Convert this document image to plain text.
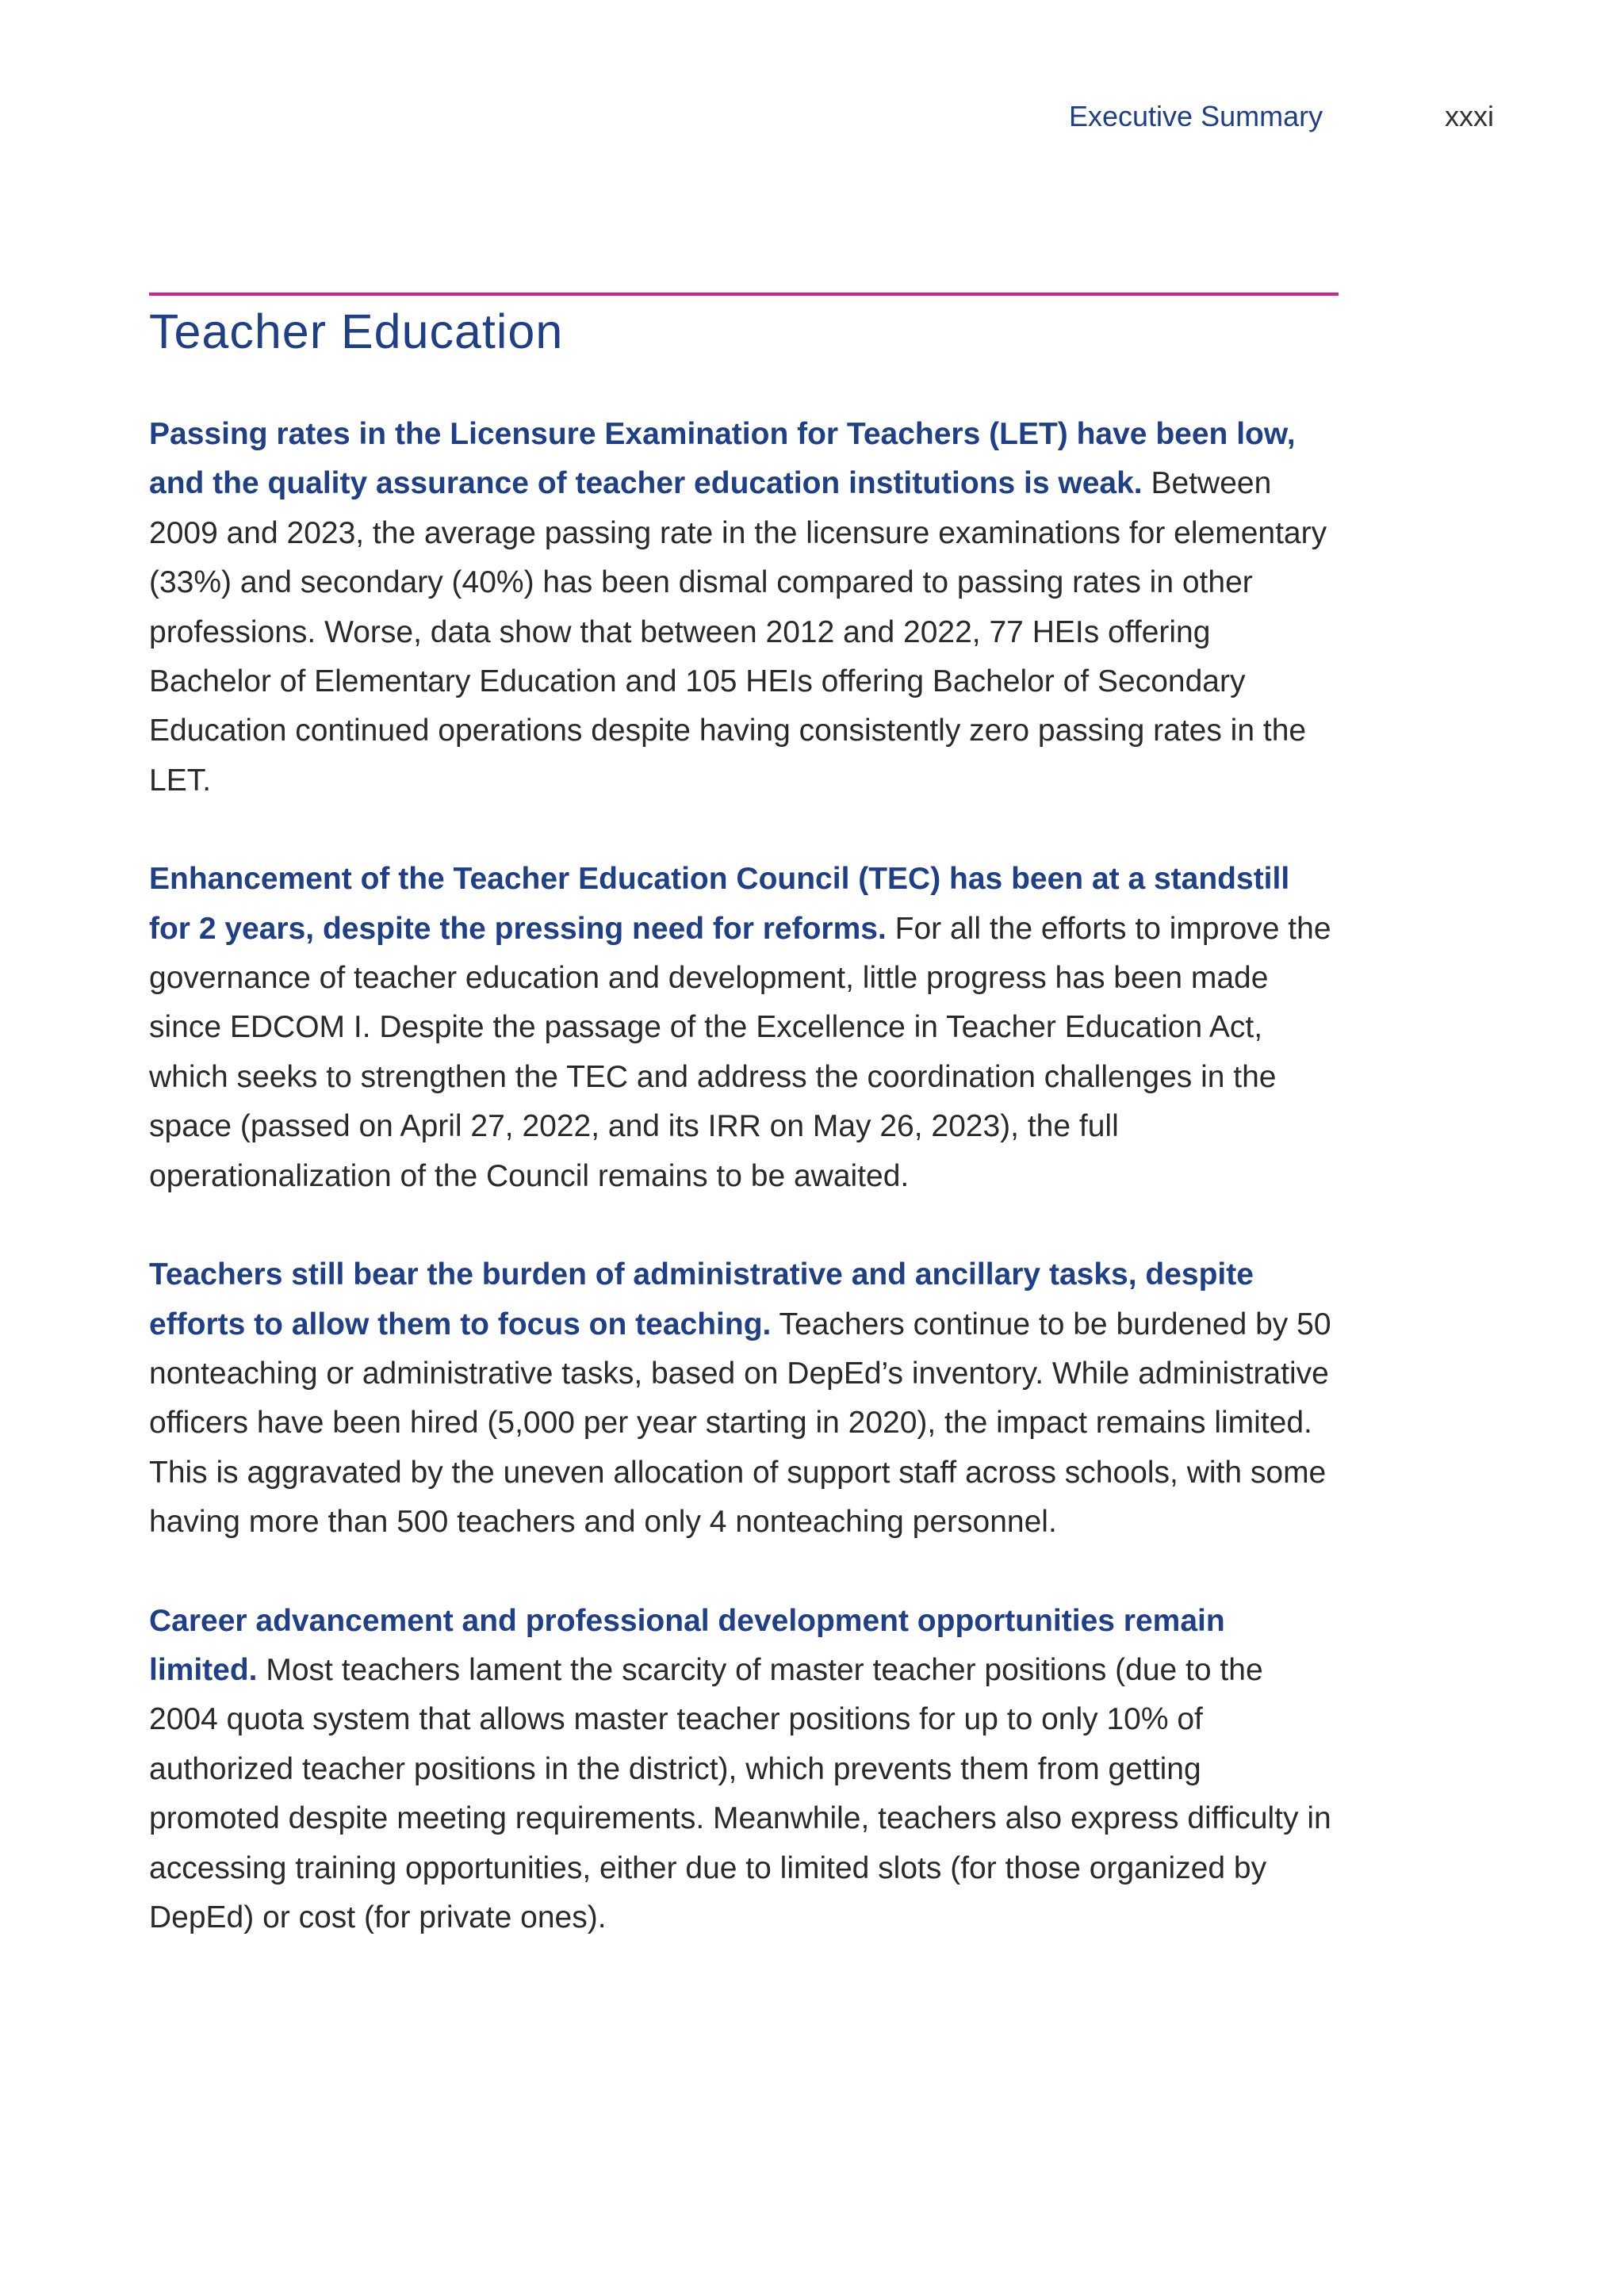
Executive Summary	xxxi
Teacher Education

Passing rates in the Licensure Examination for Teachers (LET) have been low, and the quality assurance of teacher education institutions is weak. Between 2009 and 2023, the average passing rate in the licensure examinations for elementary (33%) and secondary (40%) has been dismal compared to passing rates in other professions. Worse, data show that between 2012 and 2022, 77 HEIs offering Bachelor of Elementary Education and 105 HEIs offering Bachelor of Secondary Education continued operations despite having consistently zero passing rates in the LET.

Enhancement of the Teacher Education Council (TEC) has been at a standstill for 2 years, despite the pressing need for reforms. For all the efforts to improve the governance of teacher education and development, little progress has been made since EDCOM I. Despite the passage of the Excellence in Teacher Education Act, which seeks to strengthen the TEC and address the coordination challenges in the space (passed on April 27, 2022, and its IRR on May 26, 2023), the full operationalization of the Council remains to be awaited.

Teachers still bear the burden of administrative and ancillary tasks, despite efforts to allow them to focus on teaching. Teachers continue to be burdened by 50 nonteaching or administrative tasks, based on DepEd’s inventory. While administrative officers have been hired (5,000 per year starting in 2020), the impact remains limited. This is aggravated by the uneven allocation of support staff across schools, with some having more than 500 teachers and only 4 nonteaching personnel.

Career advancement and professional development opportunities remain limited. Most teachers lament the scarcity of master teacher positions (due to the 2004 quota system that allows master teacher positions for up to only 10% of authorized teacher positions in the district), which prevents them from getting promoted despite meeting requirements. Meanwhile, teachers also express difficulty in accessing training opportunities, either due to limited slots (for those organized by DepEd) or cost (for private ones).
